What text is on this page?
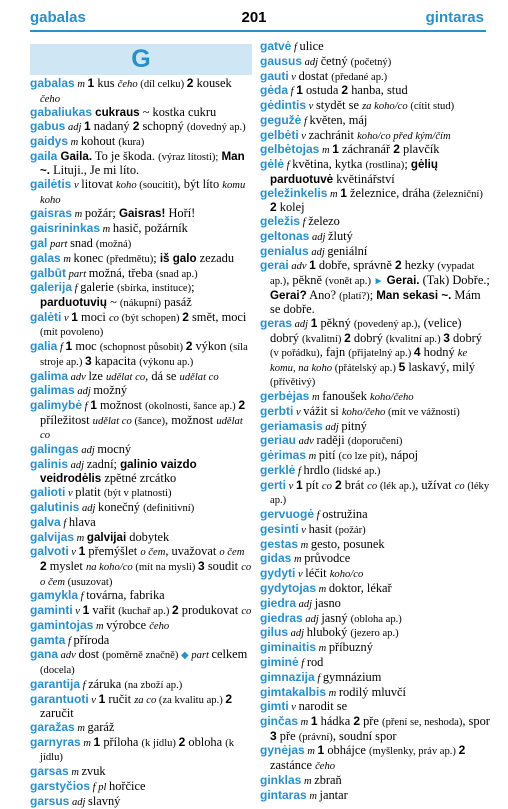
gabalas	201	gintaras
G
gabalas m 1 kus čeho (díl celku) 2 kousek čeho
gabaliukas cukraus ~ kostka cukru
gabus adj 1 nadaný 2 schopný (dovedný ap.)
gaidys m kohout (kura)
gaila Gaila. To je škoda. (výraz lítosti); Man ~. Lituji., Je mi líto.
gailėtis v litovat koho (soucítit), být líto komu koho
gaisras m požár; Gaisras! Hoří!
gaisrininkas m hasič, požárník
gal part snad (možná)
galas m konec (předmětu); iš galo zezadu
galbūt part možná, třeba (snad ap.)
galerija f galerie (sbírka, instituce); parduotuvių ~ (nákupní) pasáž
galėti v 1 moci co (být schopen) 2 smět, moci (mít povoleno)
galia f 1 moc (schopnost působit) 2 výkon (síla stroje ap.) 3 kapacita (výkonu ap.)
galima adv lze udělat co, dá se udělat co
galimas adj možný
galimybė f 1 možnost (okolnosti, šance ap.) 2 příležitost udělat co (šance), možnost udělat co
galingas adj mocný
galinis adj zadní; galinio vaizdo veidrodėlis zpětné zrcátko
galioti v platit (být v platnosti)
galutinis adj konečný (definitivní)
galva f hlava
galvijas m galvijai dobytek
galvoti v 1 přemýšlet o čem, uvažovat o čem 2 myslet na koho/co (mít na mysli) 3 soudit co o čem (usuzovat)
gamykla f továrna, fabrika
gaminti v 1 vařit (kuchař ap.) 2 produkovat co
gamintojas m výrobce čeho
gamta f příroda
gana adv dost (poměrně značně) ◆ part celkem (docela)
garantija f záruka (na zboží ap.)
garantuoti v 1 ručit za co (za kvalitu ap.) 2 zaručit
garažas m garáž
garnyras m 1 příloha (k jídlu) 2 obloha (k jídlu)
garsas m zvuk
garstyčios f pl hořčice
garsus adj slavný
gatvė f ulice
gausus adj četný (početný)
gauti v dostat (předané ap.)
gėda f 1 ostuda 2 hanba, stud
gėdintis v stydět se za koho/co (cítit stud)
gegužė f květen, máj
gelbėti v zachránit koho/co před kým/čím
gelbėtojas m 1 záchranář 2 plavčík
gėlė f květina, kytka (rostlina); gėlių parduotuvė květinářství
geležinkelis m 1 železnice, dráha (železniční) 2 kolej
geležis f železo
geltonas adj žlutý
genialus adj geniální
gerai adv 1 dobře, správně 2 hezky (vypadat ap.), pěkně (vonět ap.) ► Gerai. (Tak) Dobře.; Gerai? Ano? (platí?); Man sekasi ~. Mám se dobře.
geras adj 1 pěkný (povedený ap.), (velice) dobrý (kvalitní) 2 dobrý (kvalitní ap.) 3 dobrý (v pořádku), fajn (přijatelný ap.) 4 hodný ke komu, na koho (přátelský ap.) 5 laskavý, milý (přívětivý)
gerbėjas m fanoušek koho/čeho
gerbti v vážit si koho/čeho (mít ve vážnosti)
geriamasis adj pitný
geriau adv raději (doporučení)
gėrimas m pití (co lze pít), nápoj
gerklė f hrdlo (lidské ap.)
gerti v 1 pít co 2 brát co (lék ap.), užívat co (léky ap.)
gervuogė f ostružina
gesinti v hasit (požár)
gestas m gesto, posunek
gidas m průvodce
gydyti v léčit koho/co
gydytojas m doktor, lékař
giedra adj jasno
giedras adj jasný (obloha ap.)
gilus adj hluboký (jezero ap.)
giminaitis m příbuzný
giminė f rod
gimnazija f gymnázium
gimtakalbis m rodilý mluvčí
gimti v narodit se
ginčas m 1 hádka 2 pře (pření se, neshoda), spor 3 pře (právní), soudní spor
gynėjas m 1 obhájce (myšlenky, práv ap.) 2 zastánce čeho
ginklas m zbraň
gintaras m jantar
